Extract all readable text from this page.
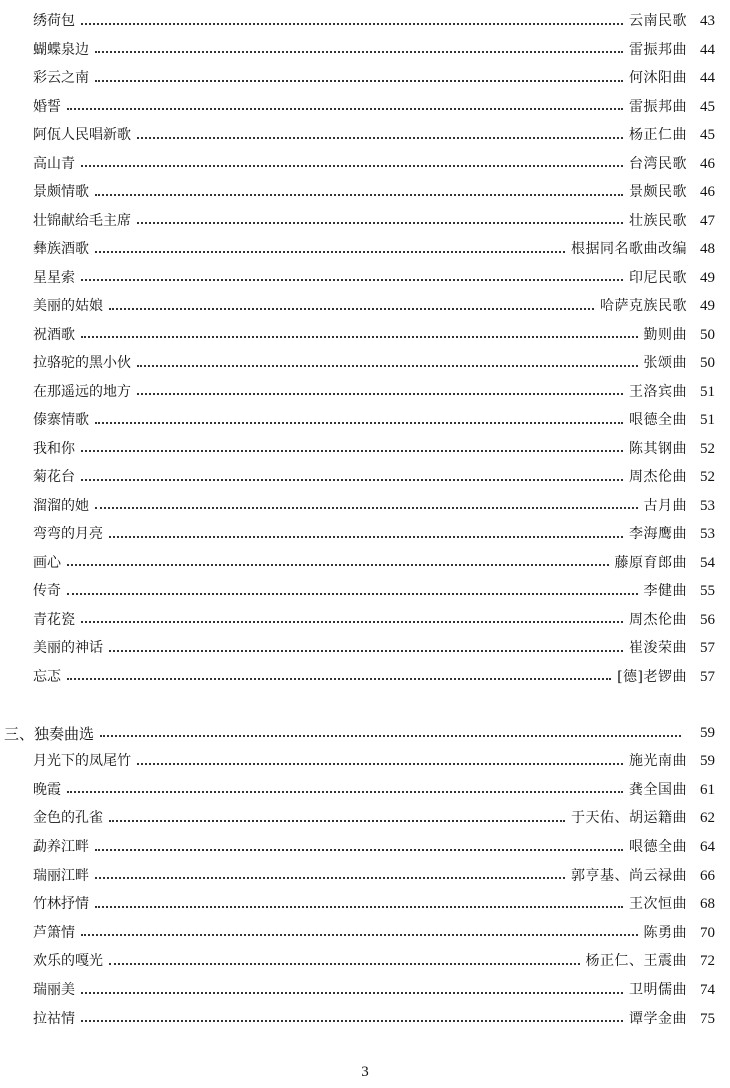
绣荷包	云南民歌 43
蝴蝶泉边	雷振邦曲 44
彩云之南	何沐阳曲 44
婚誓	雷振邦曲 45
阿佤人民唱新歌	杨正仁曲 45
高山青	台湾民歌 46
景颇情歌	景颇民歌 46
壮锦献给毛主席	壮族民歌 47
彝族酒歌	根据同名歌曲改编 48
星星索	印尼民歌 49
美丽的姑娘	哈萨克族民歌 49
祝酒歌	勤则曲 50
拉骆驼的黑小伙	张颂曲 50
在那遥远的地方	王洛宾曲 51
傣寨情歌	哏德全曲 51
我和你	陈其钢曲 52
菊花台	周杰伦曲 52
溜溜的她	古月曲 53
弯弯的月亮	李海鹰曲 53
画心	藤原育郎曲 54
传奇	李健曲 55
青花瓷	周杰伦曲 56
美丽的神话	崔浚荣曲 57
忘忑	[德]老锣曲 57
三、独奏曲选	59
月光下的凤尾竹	施光南曲 59
晚霞	龚全国曲 61
金色的孔雀	于天佑、胡运籍曲 62
勐养江畔	哏德全曲 64
瑞丽江畔	郭亨基、尚云禄曲 66
竹林抒情	王次恒曲 68
芦箫情	陈勇曲 70
欢乐的嘎光	杨正仁、王震曲 72
瑞丽美	卫明儒曲 74
拉祜情	谭学金曲 75
3
